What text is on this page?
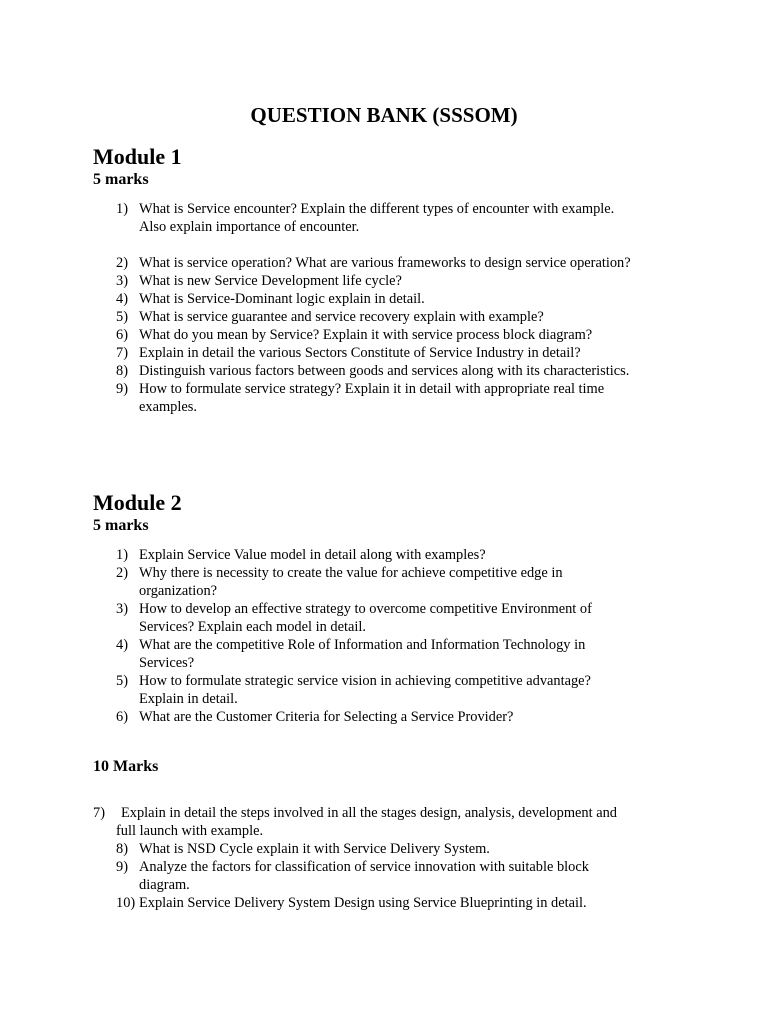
QUESTION BANK (SSSOM)
Module 1
5 marks
1) What is Service encounter? Explain the different types of encounter with example.
Also explain importance of encounter.
2) What is service operation? What are various frameworks to design service operation?
3) What is new Service Development life cycle?
4) What is Service-Dominant logic explain in detail.
5) What is service guarantee and service recovery explain with example?
6) What do you mean by Service? Explain it with service process block diagram?
7) Explain in detail the various Sectors Constitute of Service Industry in detail?
8) Distinguish various factors between goods and services along with its characteristics.
9) How to formulate service strategy? Explain it in detail with appropriate real time
examples.
Module 2
5 marks
1) Explain Service Value model in detail along with examples?
2) Why there is necessity to create the value for achieve competitive edge in
organization?
3) How to develop an effective strategy to overcome competitive Environment of
Services? Explain each model in detail.
4) What are the competitive Role of Information and Information Technology in
Services?
5) How to formulate strategic service vision in achieving competitive advantage?
Explain in detail.
6) What are the Customer Criteria for Selecting a Service Provider?
10 Marks
7) Explain in detail the steps involved in all the stages design, analysis, development and
full launch with example.
8) What is NSD Cycle explain it with Service Delivery System.
9) Analyze the factors for classification of service innovation with suitable block
diagram.
10) Explain Service Delivery System Design using Service Blueprinting in detail.
